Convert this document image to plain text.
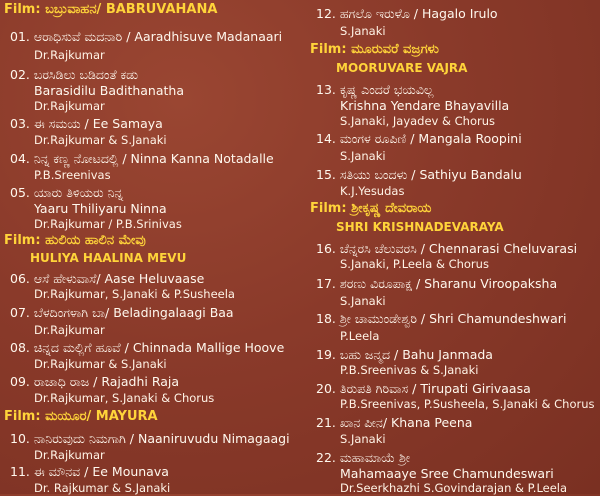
Film: ಬಬ್ರುವಾಹನ/ BABRUVAHANA
01. ಆರಾಧಿಸುವೆ ಮದನಾರಿ / Aaradhisuve Madanaari
Dr.Rajkumar
02. ಬರಸಿಡಿಲು ಬಡಿದಂತೆ ಕಡು
Barasidilu Badithanatha
Dr.Rajkumar
03. ಈ ಸಮಯ / Ee Samaya
Dr.Rajkumar & S.Janaki
04. ನಿನ್ನ ಕಣ್ಣ ನೋಟದಲ್ಲಿ / Ninna Kanna Notadalle
P.B.Sreenivas
05. ಯಾರು ತಿಳಿಯರು ನಿನ್ನ
Yaaru Thiliyaru Ninna
Dr.Rajkumar / P.B.Srinivas
Film: ಹುಲಿಯ ಹಾಲಿನ ಮೇವು
HULIYA HAALINA MEVU
06. ಆಸೆ ಹೇಳುವಾಸೆ/ Aase Heluvaase
Dr.Rajkumar, S.Janaki & P.Susheela
07. ಬೆಳದಿಂಗಳಾಗಿ ಬಾ/ Beladingalaagi Baa
Dr.Rajkumar
08. ಚಿನ್ನದ ಮಲ್ಲಿಗೆ ಹೂವೆ / Chinnada Mallige Hoove
Dr.Rajkumar & S.Janaki
09. ರಾಜಾಧಿ ರಾಜ / Rajadhi Raja
Dr.Rajkumar, S.Janaki & Chorus
Film: ಮಯೂರ/ MAYURA
10. ನಾನಿರುವುದು ನಿಮಗಾಗಿ / Naaniruvudu Nimagaagi
Dr.Rajkumar
11. ಈ ಮೌನವ / Ee Mounava
Dr. Rajkumar & S.Janaki
12. ಹಗಲೊ ಇರುಳೊ / Hagalo Irulo
S.Janaki
Film: ಮೂರುವರೆ ವಜ್ರಗಳು
MOORUVARE VAJRA
13. ಕೃಷ್ಣ ಎಂದರೆ ಭಯವಿಲ್ಲ
Krishna Yendare Bhayavilla
S.Janaki, Jayadev & Chorus
14. ಮಂಗಳ ರೂಪಿಣಿ / Mangala Roopini
S.Janaki
15. ಸತಿಯು ಬಂದಳು / Sathiyu Bandalu
K.J.Yesudas
Film: ಶ್ರೀಕೃಷ್ಣ ದೇವರಾಯ
SHRI KRISHNADEVARAYA
16. ಚೆನ್ನರಸಿ ಚೆಲುವರಸಿ / Chennarasi Cheluvarasi
S.Janaki, P.Leela & Chorus
17. ಶರಣು ವಿರೂಪಾಕ್ಷ / Sharanu Viroopaksha
S.Janaki
18. ಶ್ರೀ ಚಾಮುಂಡೇಶ್ವರಿ / Shri Chamundeshwari
P.Leela
19. ಬಹು ಜನ್ಮದ / Bahu Janmada
P.B.Sreenivas & S.Janaki
20. ತಿರುಪತಿ ಗಿರಿವಾಸ / Tirupati Girivaasa
P.B.Sreenivas, P.Susheela, S.Janaki & Chorus
21. ಖಾನ ಪೀನ/ Khana Peena
S.Janaki
22. ಮಹಾಮಾಯೆ ಶ್ರೀ
Mahamaaye Sree Chamundeswari
Dr.Seerkhazhi S.Govindarajan & P.Leela
